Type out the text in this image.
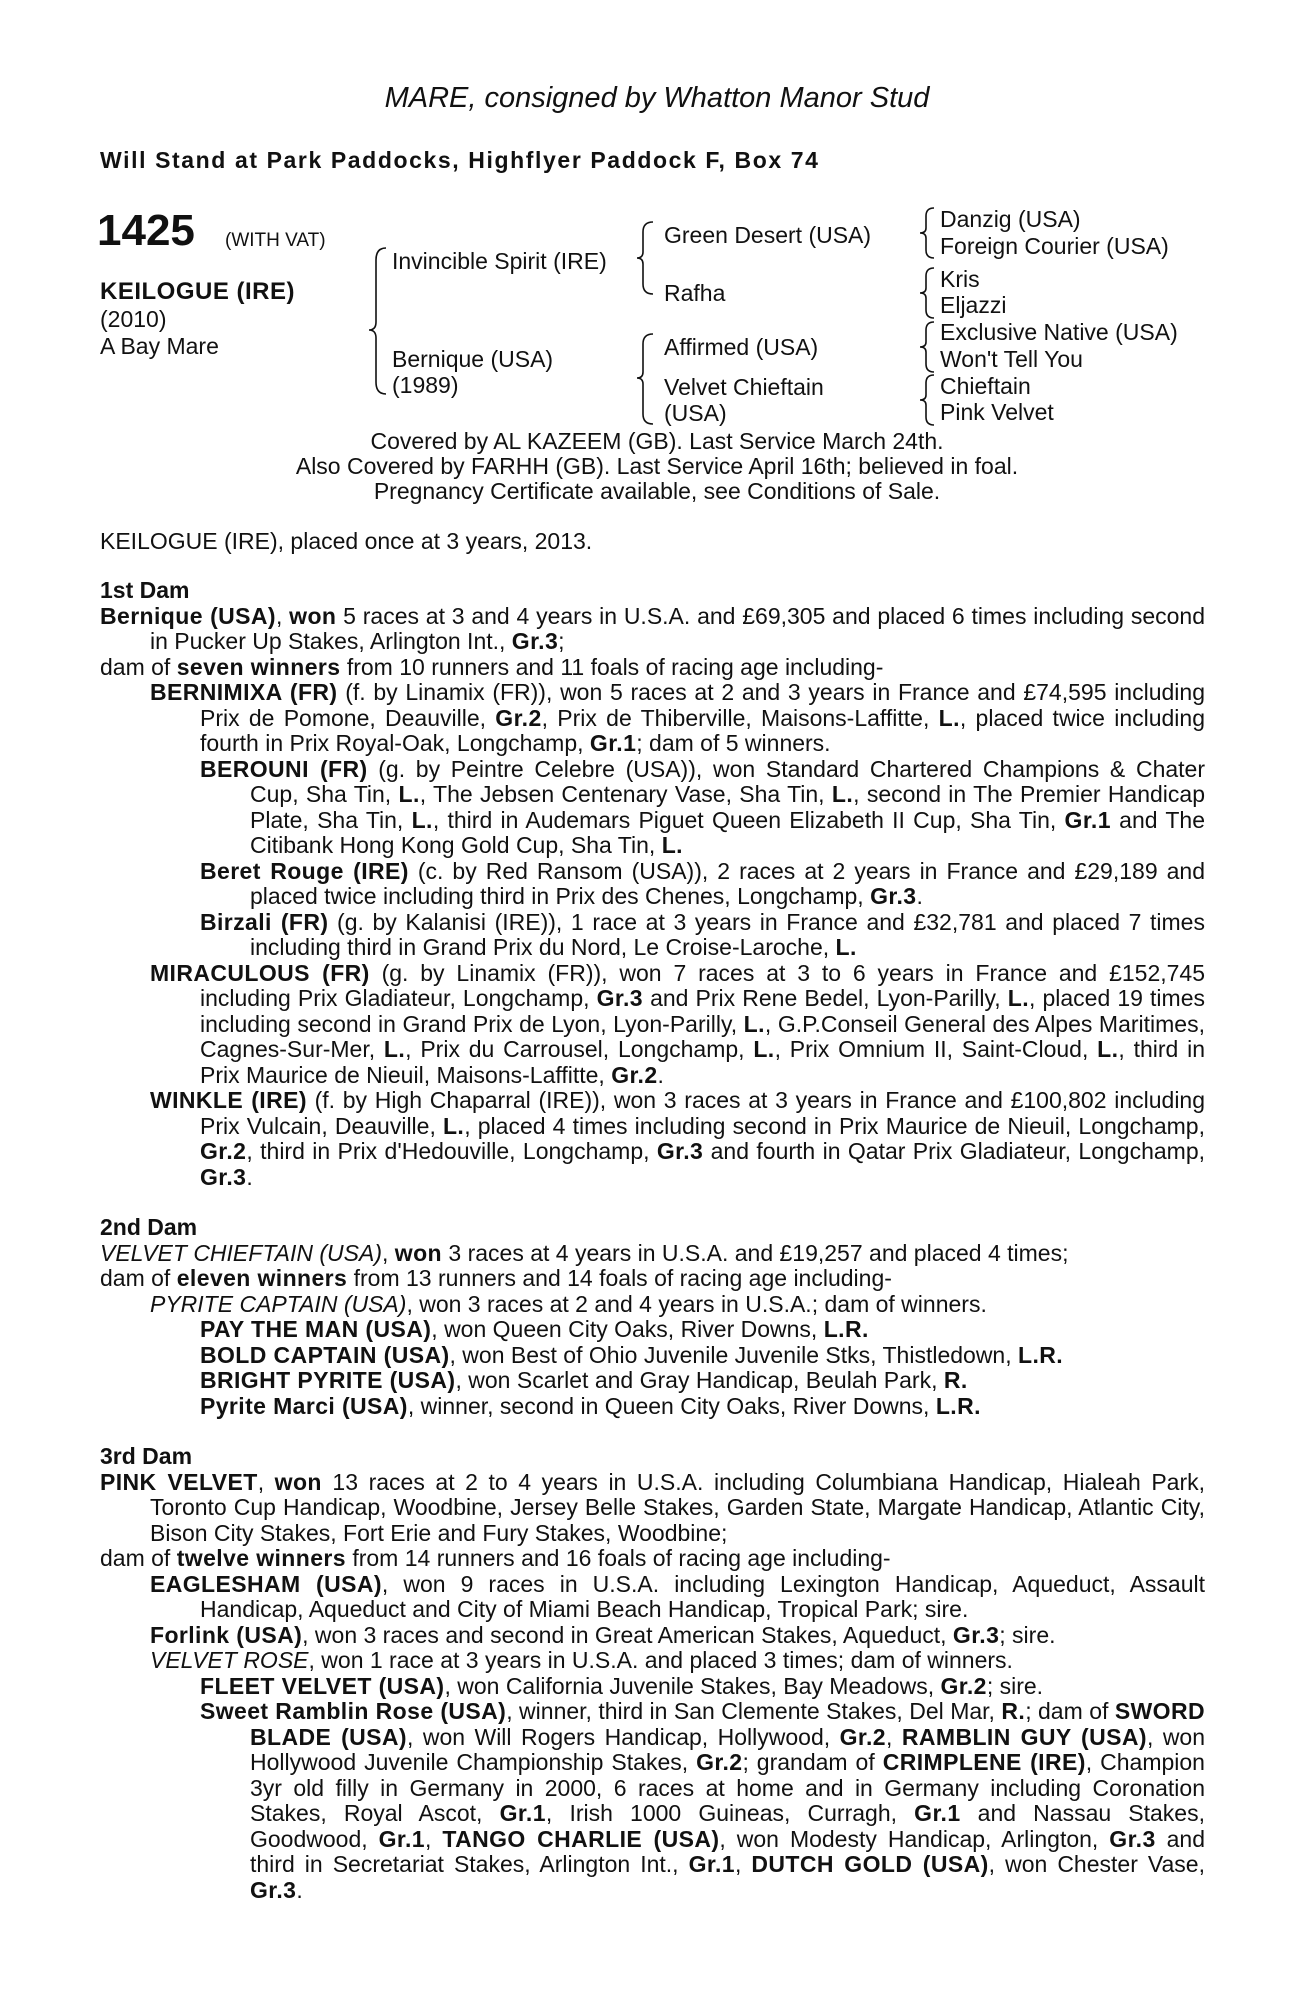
MARE, consigned by Whatton Manor Stud
Will Stand at Park Paddocks, Highflyer Paddock F, Box 74
1425 (WITH VAT)
KEILOGUE (IRE)
(2010)
A Bay Mare
Invincible Spirit (IRE)
Bernique (USA)
(1989)
Green Desert (USA)
Rafha
Affirmed (USA)
Velvet Chieftain
(USA)
Danzig (USA)
Foreign Courier (USA)
Kris
Eljazzi
Exclusive Native (USA)
Won't Tell You
Chieftain
Pink Velvet
Covered by AL KAZEEM (GB). Last Service March 24th.
Also Covered by FARHH (GB). Last Service April 16th; believed in foal.
Pregnancy Certificate available, see Conditions of Sale.
KEILOGUE (IRE), placed once at 3 years, 2013.

1st Dam

Bernique (USA), won 5 races at 3 and 4 years in U.S.A. and £69,305 and placed 6 times including second in Pucker Up Stakes, Arlington Int., Gr.3;

dam of seven winners from 10 runners and 11 foals of racing age including-

BERNIMIXA (FR) (f. by Linamix (FR)), won 5 races at 2 and 3 years in France and £74,595 including Prix de Pomone, Deauville, Gr.2, Prix de Thiberville, Maisons-Laffitte, L., placed twice including fourth in Prix Royal-Oak, Longchamp, Gr.1; dam of 5 winners.

BEROUNI (FR) (g. by Peintre Celebre (USA)), won Standard Chartered Champions & Chater Cup, Sha Tin, L., The Jebsen Centenary Vase, Sha Tin, L., second in The Premier Handicap Plate, Sha Tin, L., third in Audemars Piguet Queen Elizabeth II Cup, Sha Tin, Gr.1 and The Citibank Hong Kong Gold Cup, Sha Tin, L.

Beret Rouge (IRE) (c. by Red Ransom (USA)), 2 races at 2 years in France and £29,189 and placed twice including third in Prix des Chenes, Longchamp, Gr.3.

Birzali (FR) (g. by Kalanisi (IRE)), 1 race at 3 years in France and £32,781 and placed 7 times including third in Grand Prix du Nord, Le Croise-Laroche, L.

MIRACULOUS (FR) (g. by Linamix (FR)), won 7 races at 3 to 6 years in France and £152,745 including Prix Gladiateur, Longchamp, Gr.3 and Prix Rene Bedel, Lyon-Parilly, L., placed 19 times including second in Grand Prix de Lyon, Lyon-Parilly, L., G.P.Conseil General des Alpes Maritimes, Cagnes-Sur-Mer, L., Prix du Carrousel, Longchamp, L., Prix Omnium II, Saint-Cloud, L., third in Prix Maurice de Nieuil, Maisons-Laffitte, Gr.2.

WINKLE (IRE) (f. by High Chaparral (IRE)), won 3 races at 3 years in France and £100,802 including Prix Vulcain, Deauville, L., placed 4 times including second in Prix Maurice de Nieuil, Longchamp, Gr.2, third in Prix d'Hedouville, Longchamp, Gr.3 and fourth in Qatar Prix Gladiateur, Longchamp, Gr.3.

2nd Dam

VELVET CHIEFTAIN (USA), won 3 races at 4 years in U.S.A. and £19,257 and placed 4 times;

dam of eleven winners from 13 runners and 14 foals of racing age including-

PYRITE CAPTAIN (USA), won 3 races at 2 and 4 years in U.S.A.; dam of winners.

PAY THE MAN (USA), won Queen City Oaks, River Downs, L.R.

BOLD CAPTAIN (USA), won Best of Ohio Juvenile Juvenile Stks, Thistledown, L.R.

BRIGHT PYRITE (USA), won Scarlet and Gray Handicap, Beulah Park, R.

Pyrite Marci (USA), winner, second in Queen City Oaks, River Downs, L.R.

3rd Dam

PINK VELVET, won 13 races at 2 to 4 years in U.S.A. including Columbiana Handicap, Hialeah Park, Toronto Cup Handicap, Woodbine, Jersey Belle Stakes, Garden State, Margate Handicap, Atlantic City, Bison City Stakes, Fort Erie and Fury Stakes, Woodbine;

dam of twelve winners from 14 runners and 16 foals of racing age including-

EAGLESHAM (USA), won 9 races in U.S.A. including Lexington Handicap, Aqueduct, Assault Handicap, Aqueduct and City of Miami Beach Handicap, Tropical Park; sire.

Forlink (USA), won 3 races and second in Great American Stakes, Aqueduct, Gr.3; sire.

VELVET ROSE, won 1 race at 3 years in U.S.A. and placed 3 times; dam of winners.

FLEET VELVET (USA), won California Juvenile Stakes, Bay Meadows, Gr.2; sire.

Sweet Ramblin Rose (USA), winner, third in San Clemente Stakes, Del Mar, R.; dam of SWORD BLADE (USA), won Will Rogers Handicap, Hollywood, Gr.2, RAMBLIN GUY (USA), won Hollywood Juvenile Championship Stakes, Gr.2; grandam of CRIMPLENE (IRE), Champion 3yr old filly in Germany in 2000, 6 races at home and in Germany including Coronation Stakes, Royal Ascot, Gr.1, Irish 1000 Guineas, Curragh, Gr.1 and Nassau Stakes, Goodwood, Gr.1, TANGO CHARLIE (USA), won Modesty Handicap, Arlington, Gr.3 and third in Secretariat Stakes, Arlington Int., Gr.1, DUTCH GOLD (USA), won Chester Vase, Gr.3.
